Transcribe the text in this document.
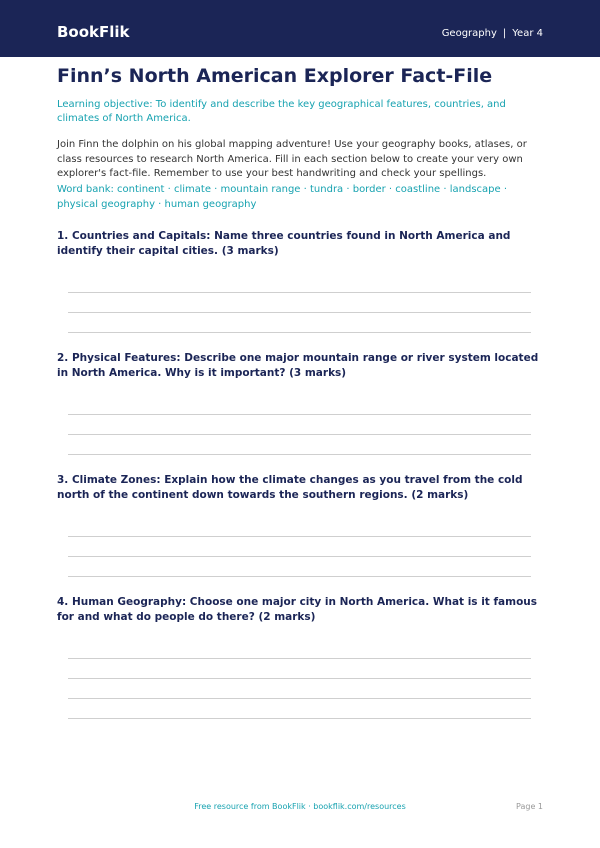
BookFlik	Geography | Year 4
Finn’s North American Explorer Fact-File
Learning objective: To identify and describe the key geographical features, countries, and climates of North America.
Join Finn the dolphin on his global mapping adventure! Use your geography books, atlases, or class resources to research North America. Fill in each section below to create your very own explorer's fact-file. Remember to use your best handwriting and check your spellings.
Word bank: continent · climate · mountain range · tundra · border · coastline · landscape · physical geography · human geography
1. Countries and Capitals: Name three countries found in North America and identify their capital cities. (3 marks)
2. Physical Features: Describe one major mountain range or river system located in North America. Why is it important? (3 marks)
3. Climate Zones: Explain how the climate changes as you travel from the cold north of the continent down towards the southern regions. (2 marks)
4. Human Geography: Choose one major city in North America. What is it famous for and what do people do there? (2 marks)
Free resource from BookFlik · bookflik.com/resources	Page 1
